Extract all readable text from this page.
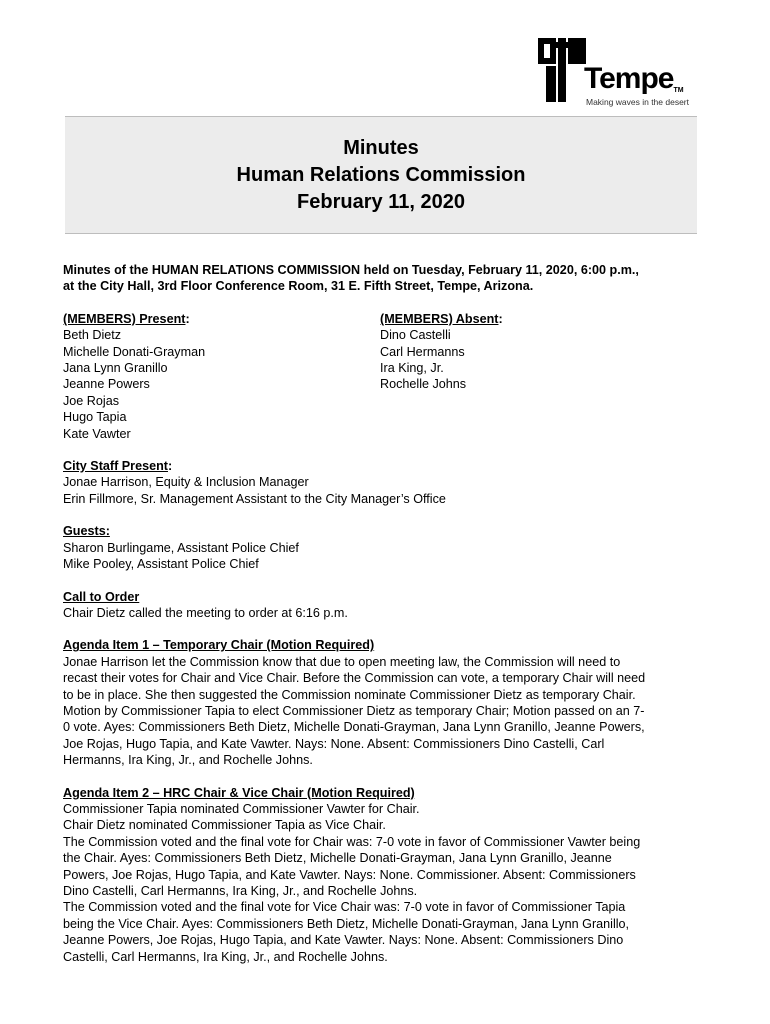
TempeTM
Making waves in the desert
Minutes
Human Relations Commission
February 11, 2020

Minutes of the HUMAN RELATIONS COMMISSION held on Tuesday, February 11, 2020, 6:00 p.m.,

at the City Hall, 3rd Floor Conference Room, 31 E. Fifth Street, Tempe, Arizona.

(MEMBERS) Present:

Beth Dietz

Michelle Donati-Grayman

Jana Lynn Granillo

Jeanne Powers

Joe Rojas

Hugo Tapia

Kate Vawter

(MEMBERS) Absent:

Dino Castelli

Carl Hermanns

Ira King, Jr.

Rochelle Johns

City Staff Present:

Jonae Harrison, Equity & Inclusion Manager

Erin Fillmore, Sr. Management Assistant to the City Manager’s Office

Guests:

Sharon Burlingame, Assistant Police Chief

Mike Pooley, Assistant Police Chief

Call to Order

Chair Dietz called the meeting to order at 6:16 p.m.

Agenda Item 1 – Temporary Chair (Motion Required)

Jonae Harrison let the Commission know that due to open meeting law, the Commission will need to

recast their votes for Chair and Vice Chair. Before the Commission can vote, a temporary Chair will need

to be in place. She then suggested the Commission nominate Commissioner Dietz as temporary Chair.

Motion by Commissioner Tapia to elect Commissioner Dietz as temporary Chair; Motion passed on an 7-

0 vote. Ayes: Commissioners Beth Dietz, Michelle Donati-Grayman, Jana Lynn Granillo, Jeanne Powers,

Joe Rojas, Hugo Tapia, and Kate Vawter. Nays: None. Absent: Commissioners Dino Castelli, Carl

Hermanns, Ira King, Jr., and Rochelle Johns.

Agenda Item 2 – HRC Chair & Vice Chair (Motion Required)

Commissioner Tapia nominated Commissioner Vawter for Chair.

Chair Dietz nominated Commissioner Tapia as Vice Chair.

The Commission voted and the final vote for Chair was: 7-0 vote in favor of Commissioner Vawter being

the Chair. Ayes: Commissioners Beth Dietz, Michelle Donati-Grayman, Jana Lynn Granillo, Jeanne

Powers, Joe Rojas, Hugo Tapia, and Kate Vawter. Nays: None. Commissioner. Absent: Commissioners

Dino Castelli, Carl Hermanns, Ira King, Jr., and Rochelle Johns.

The Commission voted and the final vote for Vice Chair was: 7-0 vote in favor of Commissioner Tapia

being the Vice Chair. Ayes: Commissioners Beth Dietz, Michelle Donati-Grayman, Jana Lynn Granillo,

Jeanne Powers, Joe Rojas, Hugo Tapia, and Kate Vawter. Nays: None. Absent: Commissioners Dino

Castelli, Carl Hermanns, Ira King, Jr., and Rochelle Johns.
